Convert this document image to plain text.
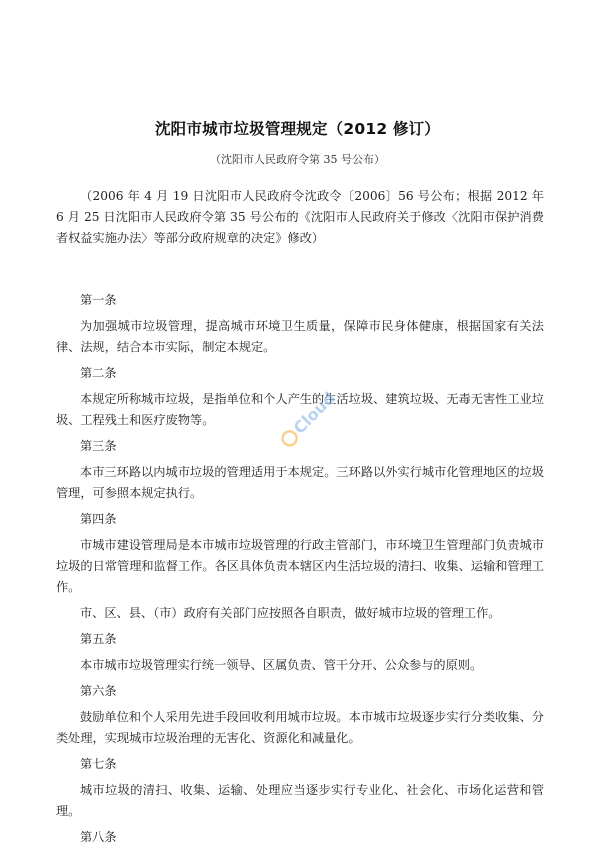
沈阳市城市垃圾管理规定（2012 修订）
（沈阳市人民政府令第 35 号公布）

（2006 年 4 月 19 日沈阳市人民政府令沈政令〔2006〕56 号公布；根据 2012 年 6 月 25 日沈阳市人民政府令第 35 号公布的《沈阳市人民政府关于修改〈沈阳市保护消费者权益实施办法〉等部分政府规章的决定》修改）

第一条

为加强城市垃圾管理，提高城市环境卫生质量，保障市民身体健康，根据国家有关法律、法规，结合本市实际，制定本规定。

第二条

本规定所称城市垃圾，是指单位和个人产生的生活垃圾、建筑垃圾、无毒无害性工业垃圾、工程残土和医疗废物等。

第三条

本市三环路以内城市垃圾的管理适用于本规定。三环路以外实行城市化管理地区的垃圾管理，可参照本规定执行。

第四条

市城市建设管理局是本市城市垃圾管理的行政主管部门，市环境卫生管理部门负责城市垃圾的日常管理和监督工作。各区具体负责本辖区内生活垃圾的清扫、收集、运输和管理工作。

市、区、县、（市）政府有关部门应按照各自职责，做好城市垃圾的管理工作。

第五条

本市城市垃圾管理实行统一领导、区属负责、管干分开、公众参与的原则。

第六条

鼓励单位和个人采用先进手段回收利用城市垃圾。本市城市垃圾逐步实行分类收集、分类处理，实现城市垃圾治理的无害化、资源化和减量化。

第七条

城市垃圾的清扫、收集、运输、处理应当逐步实行专业化、社会化、市场化运营和管理。

第八条

Cloud
